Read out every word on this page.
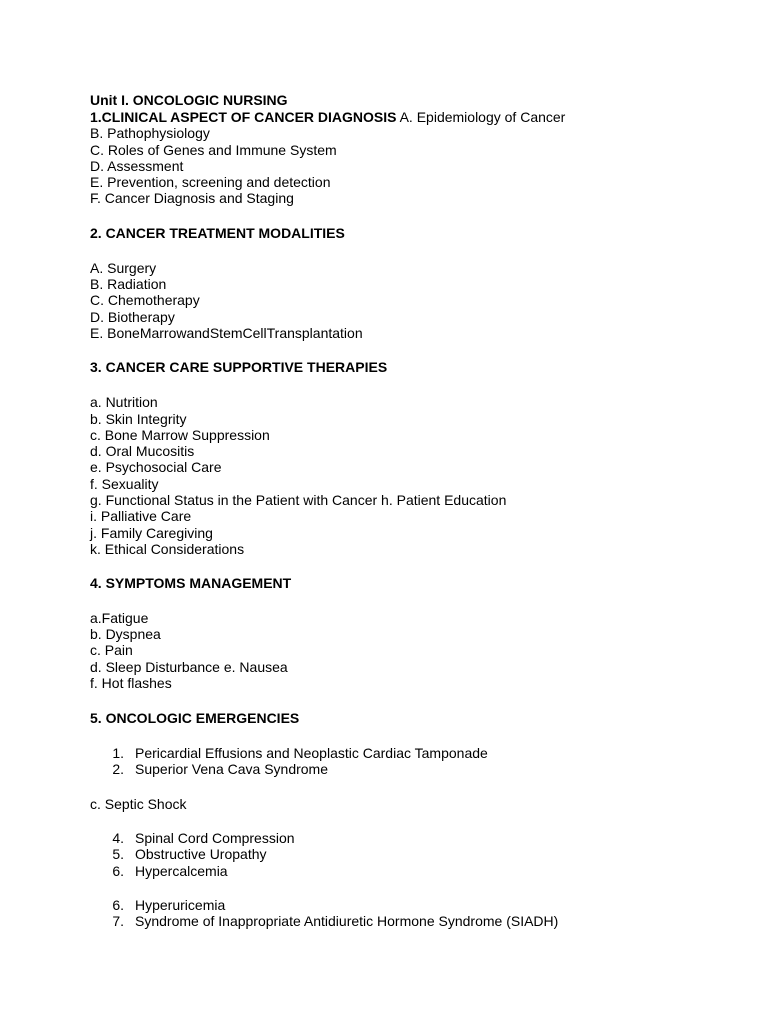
Unit I. ONCOLOGIC NURSING
1.CLINICAL ASPECT OF CANCER DIAGNOSIS A. Epidemiology of Cancer
B. Pathophysiology
C. Roles of Genes and Immune System
D. Assessment
E. Prevention, screening and detection
F. Cancer Diagnosis and Staging
2. CANCER TREATMENT MODALITIES
A. Surgery
B. Radiation
C. Chemotherapy
D. Biotherapy
E. BoneMarrowandStemCellTransplantation
3. CANCER CARE SUPPORTIVE THERAPIES
a. Nutrition
b. Skin Integrity
c. Bone Marrow Suppression
d. Oral Mucositis
e. Psychosocial Care
f. Sexuality
g. Functional Status in the Patient with Cancer h. Patient Education
i. Palliative Care
j. Family Caregiving
k. Ethical Considerations
4. SYMPTOMS MANAGEMENT
a.Fatigue
b. Dyspnea
c. Pain
d. Sleep Disturbance e. Nausea
f. Hot flashes
5. ONCOLOGIC EMERGENCIES
1. Pericardial Effusions and Neoplastic Cardiac Tamponade
2. Superior Vena Cava Syndrome
c. Septic Shock
4. Spinal Cord Compression
5. Obstructive Uropathy
6. Hypercalcemia
6. Hyperuricemia
7. Syndrome of Inappropriate Antidiuretic Hormone Syndrome (SIADH)
